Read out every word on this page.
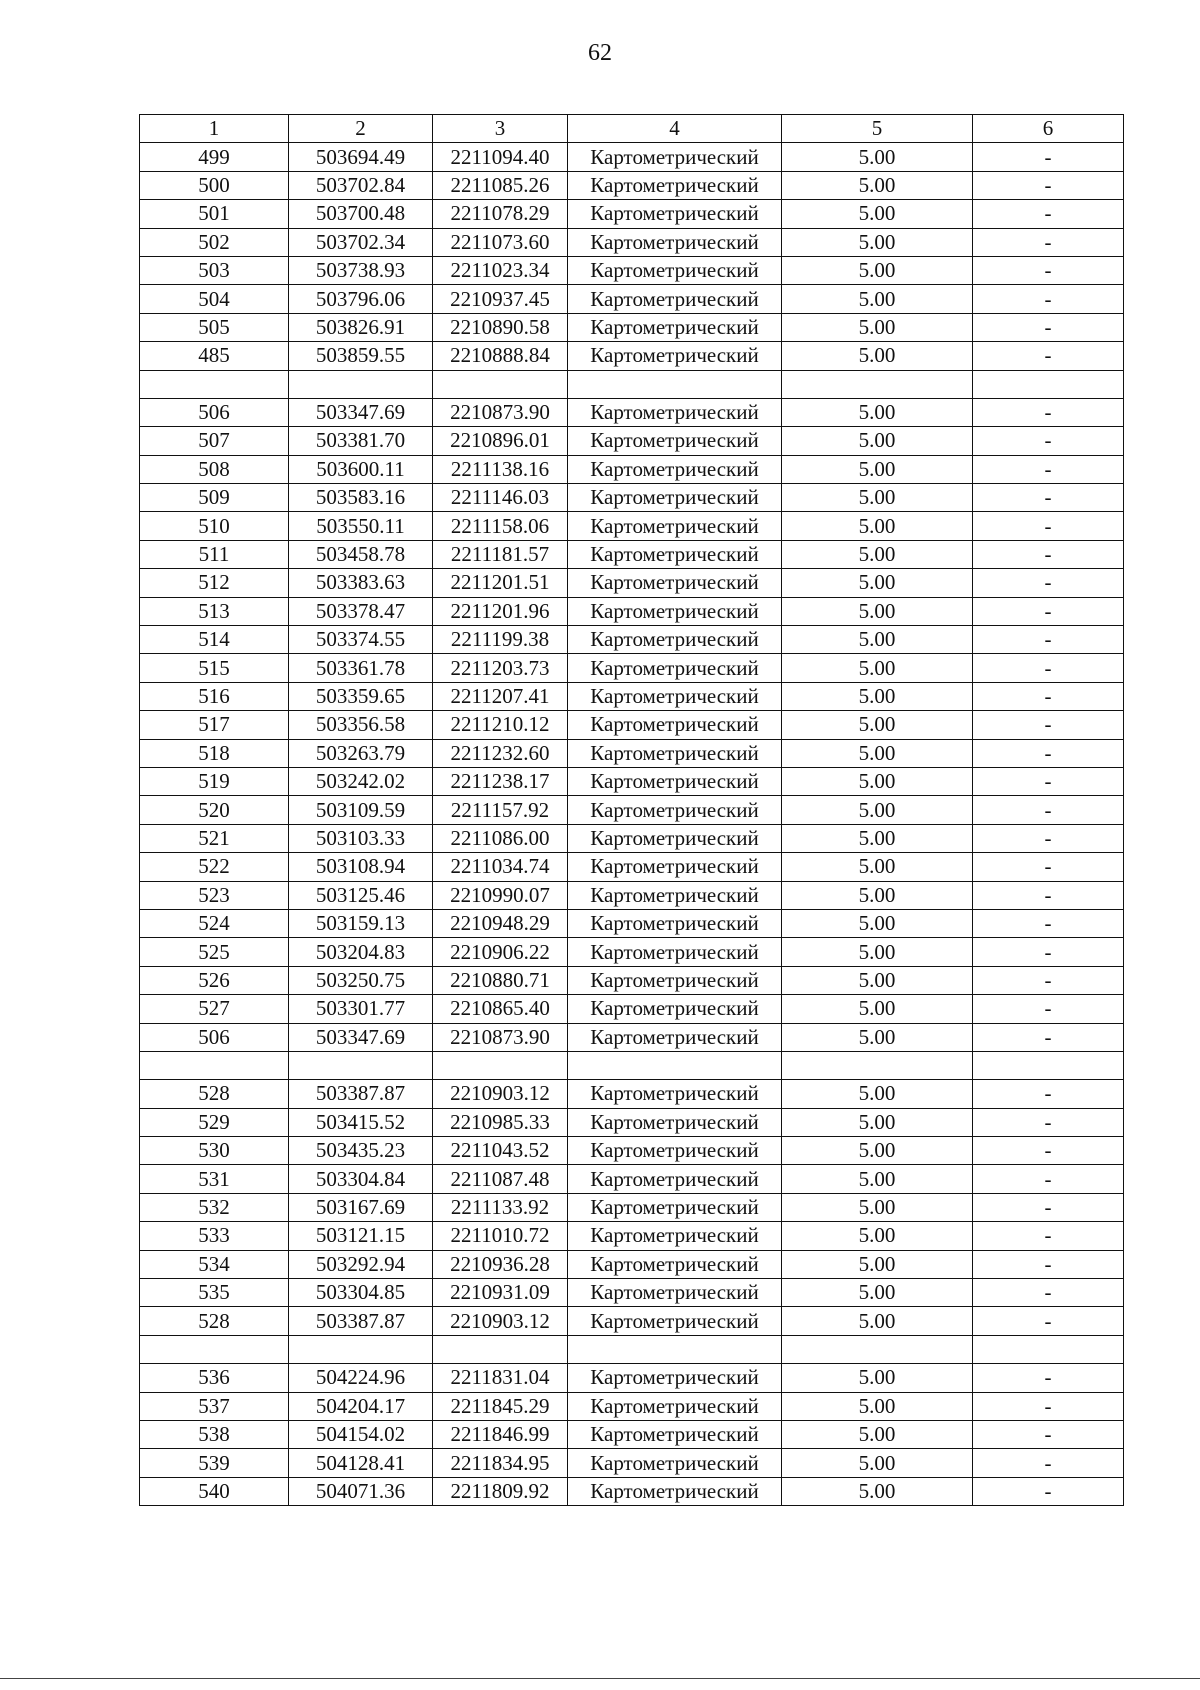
62
1	2	3	4	5	6
499	503694.49	2211094.40	Картометрический	5.00	-
500	503702.84	2211085.26	Картометрический	5.00	-
501	503700.48	2211078.29	Картометрический	5.00	-
502	503702.34	2211073.60	Картометрический	5.00	-
503	503738.93	2211023.34	Картометрический	5.00	-
504	503796.06	2210937.45	Картометрический	5.00	-
505	503826.91	2210890.58	Картометрический	5.00	-
485	503859.55	2210888.84	Картометрический	5.00	-

506	503347.69	2210873.90	Картометрический	5.00	-
507	503381.70	2210896.01	Картометрический	5.00	-
508	503600.11	2211138.16	Картометрический	5.00	-
509	503583.16	2211146.03	Картометрический	5.00	-
510	503550.11	2211158.06	Картометрический	5.00	-
511	503458.78	2211181.57	Картометрический	5.00	-
512	503383.63	2211201.51	Картометрический	5.00	-
513	503378.47	2211201.96	Картометрический	5.00	-
514	503374.55	2211199.38	Картометрический	5.00	-
515	503361.78	2211203.73	Картометрический	5.00	-
516	503359.65	2211207.41	Картометрический	5.00	-
517	503356.58	2211210.12	Картометрический	5.00	-
518	503263.79	2211232.60	Картометрический	5.00	-
519	503242.02	2211238.17	Картометрический	5.00	-
520	503109.59	2211157.92	Картометрический	5.00	-
521	503103.33	2211086.00	Картометрический	5.00	-
522	503108.94	2211034.74	Картометрический	5.00	-
523	503125.46	2210990.07	Картометрический	5.00	-
524	503159.13	2210948.29	Картометрический	5.00	-
525	503204.83	2210906.22	Картометрический	5.00	-
526	503250.75	2210880.71	Картометрический	5.00	-
527	503301.77	2210865.40	Картометрический	5.00	-
506	503347.69	2210873.90	Картометрический	5.00	-

528	503387.87	2210903.12	Картометрический	5.00	-
529	503415.52	2210985.33	Картометрический	5.00	-
530	503435.23	2211043.52	Картометрический	5.00	-
531	503304.84	2211087.48	Картометрический	5.00	-
532	503167.69	2211133.92	Картометрический	5.00	-
533	503121.15	2211010.72	Картометрический	5.00	-
534	503292.94	2210936.28	Картометрический	5.00	-
535	503304.85	2210931.09	Картометрический	5.00	-
528	503387.87	2210903.12	Картометрический	5.00	-

536	504224.96	2211831.04	Картометрический	5.00	-
537	504204.17	2211845.29	Картометрический	5.00	-
538	504154.02	2211846.99	Картометрический	5.00	-
539	504128.41	2211834.95	Картометрический	5.00	-
540	504071.36	2211809.92	Картометрический	5.00	-
